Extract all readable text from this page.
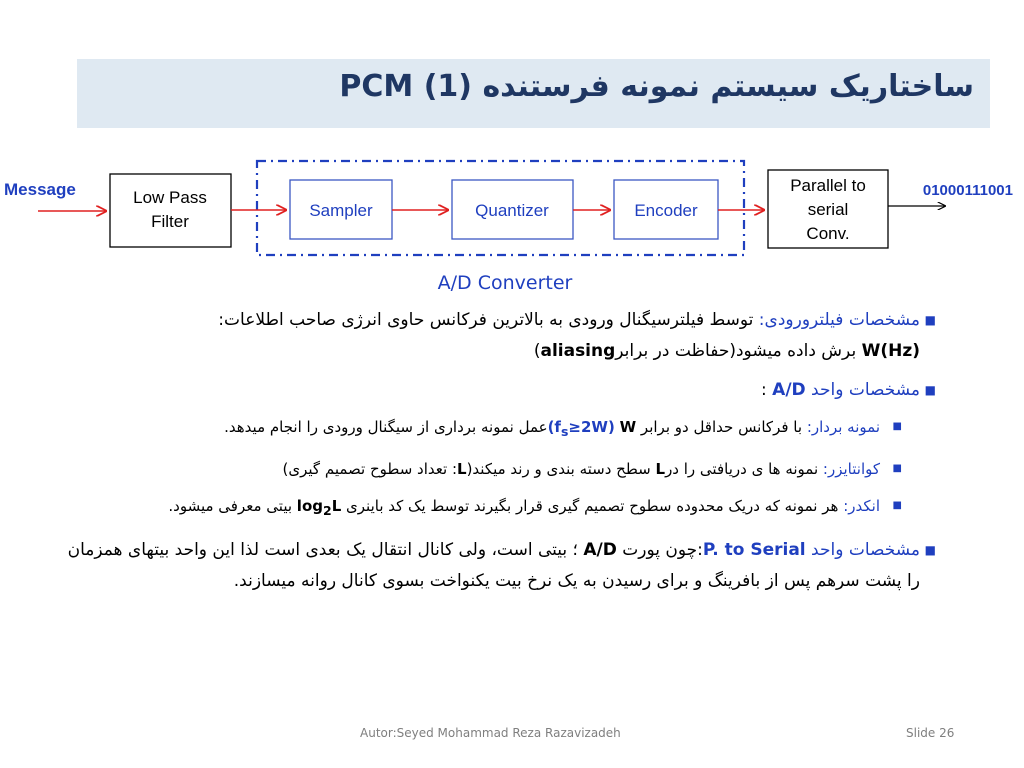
ساختاریک سیستم نمونه فرستنده PCM (1)
Message	Low Pass
Filter
Sampler	Quantizer	Encoder
Parallel to
serial
Conv.
01000111001
A/D Converter
■
مشخصات فیلترورودی: توسط فیلترسیگنال ورودی به بالاترین فرکانس حاوی انرژی صاحب اطلاعات:
W(Hz) برش داده میشود(حفاظت در برابرaliasing)
■
مشخصات واحد A/D :
■
نمونه بردار: با فرکانس حداقل دو برابر W $(f_s\ge 2W)عمل$ نمونه برداری از سیگنال ورودی را انجام میدهد.
■
کوانتایزر: نمونه ها ی دریافتی را درL سطح دسته بندی و رند میکند(L: تعداد سطوح تصمیم گیری)
■
انکدر: هر نمونه که دریک محدوده سطوح تصمیم گیری قرار بگیرند توسط یک کد باینری $\log_2L$ بیتی معرفی میشود.
■
مشخصات واحد P. to Serial:چون پورت A/D ؛ بیتی است، ولی کانال انتقال یک بعدی است لذا این واحد بیتهای همزمان را پشت سرهم پس از بافرینگ و برای رسیدن به یک نرخ بیت یکنواخت بسوی کانال روانه میسازند.
Autor:Seyed Mohammad Reza Razavizadeh	Slide 26
